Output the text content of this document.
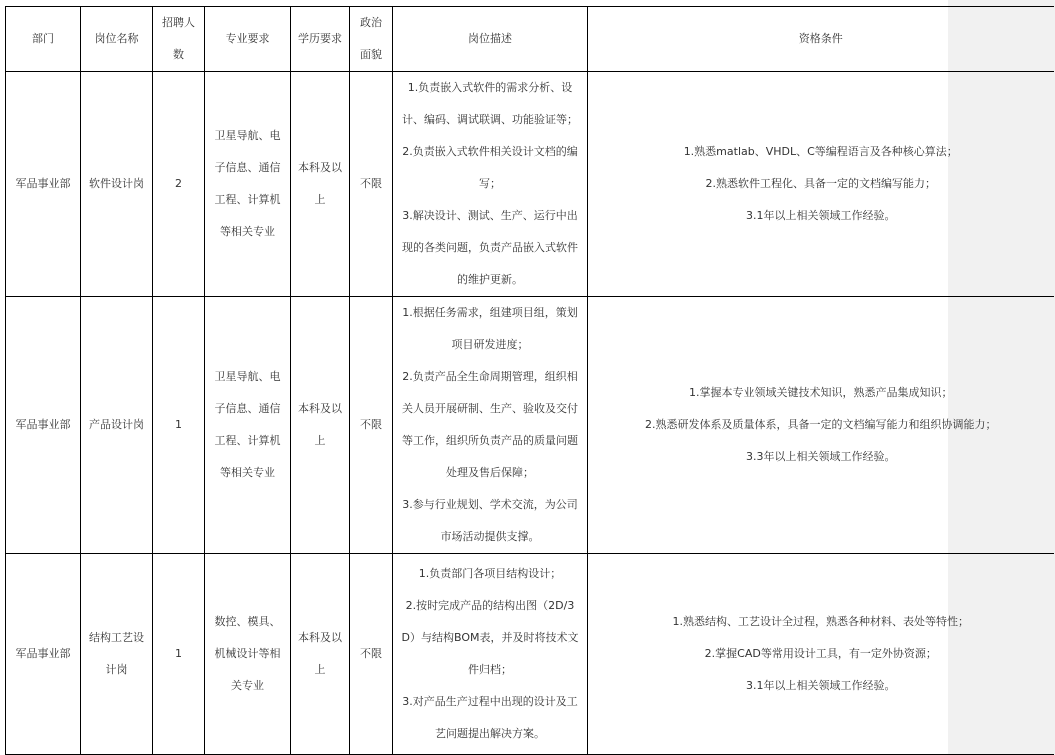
部门	岗位名称	招聘人数	专业要求	学历要求	政治面貌	岗位描述	资格条件
军品事业部	软件设计岗	2	卫星导航、电子信息、通信工程、计算机等相关专业	本科及以上	不限	1.负责嵌入式软件的需求分析、设计、编码、调试联调、功能验证等；
2.负责嵌入式软件相关设计文档的编写；
3.解决设计、测试、生产、运行中出现的各类问题，负责产品嵌入式软件的维护更新。	1.熟悉matlab、VHDL、C等编程语言及各种核心算法；
2.熟悉软件工程化、具备一定的文档编写能力；
3.1年以上相关领域工作经验。

军品事业部	产品设计岗	1	卫星导航、电子信息、通信工程、计算机等相关专业	本科及以上	不限	1.根据任务需求，组建项目组，策划项目研发进度；
2.负责产品全生命周期管理，组织相关人员开展研制、生产、验收及交付等工作，组织所负责产品的质量问题处理及售后保障；
3.参与行业规划、学术交流，为公司市场活动提供支撑。	1.掌握本专业领域关键技术知识，熟悉产品集成知识；
2.熟悉研发体系及质量体系，具备一定的文档编写能力和组织协调能力；
3.3年以上相关领域工作经验。

军品事业部	结构工艺设计岗	1	数控、模具、机械设计等相关专业	本科及以上	不限	1.负责部门各项目结构设计；
2.按时完成产品的结构出图（2D/3D）与结构BOM表，并及时将技术文件归档；
3.对产品生产过程中出现的设计及工艺问题提出解决方案。	1.熟悉结构、工艺设计全过程，熟悉各种材料、表处等特性；
2.掌握CAD等常用设计工具，有一定外协资源；
3.1年以上相关领域工作经验。
